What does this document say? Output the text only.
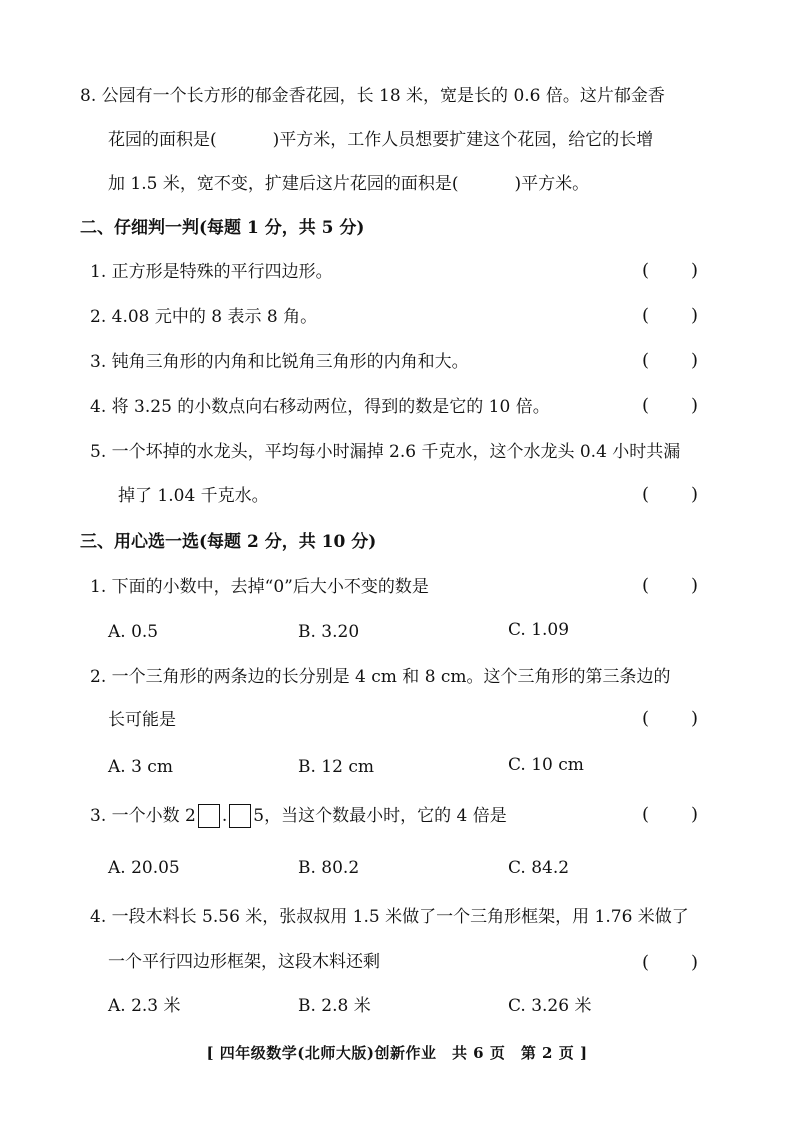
8. 公园有一个长方形的郁金香花园，长 18 米，宽是长的 0.6 倍。这片郁金香
花园的面积是(	)平方米，工作人员想要扩建这个花园，给它的长增
加 1.5 米，宽不变，扩建后这片花园的面积是(	)平方米。
二、仔细判一判(每题 1 分，共 5 分)
1. 正方形是特殊的平行四边形。	( )
2. 4.08 元中的 8 表示 8 角。	( )
3. 钝角三角形的内角和比锐角三角形的内角和大。	( )
4. 将 3.25 的小数点向右移动两位，得到的数是它的 10 倍。	( )
5. 一个坏掉的水龙头，平均每小时漏掉 2.6 千克水，这个水龙头 0.4 小时共漏
掉了 1.04 千克水。	( )
三、用心选一选(每题 2 分，共 10 分)
1. 下面的小数中，去掉“0”后大小不变的数是	( )
A. 0.5	B. 3.20	C. 1.09
2. 一个三角形的两条边的长分别是 4 cm 和 8 cm。这个三角形的第三条边的
长可能是	( )
A. 3 cm	B. 12 cm	C. 10 cm
3. 一个小数 2 . 5，当这个数最小时，它的 4 倍是	( )
A. 20.05	B. 80.2	C. 84.2
4. 一段木料长 5.56 米，张叔叔用 1.5 米做了一个三角形框架，用 1.76 米做了
一个平行四边形框架，这段木料还剩	( )
A. 2.3 米	B. 2.8 米	C. 3.26 米
[ 四年级数学(北师大版)创新作业　共 6 页　第 2 页 ]
